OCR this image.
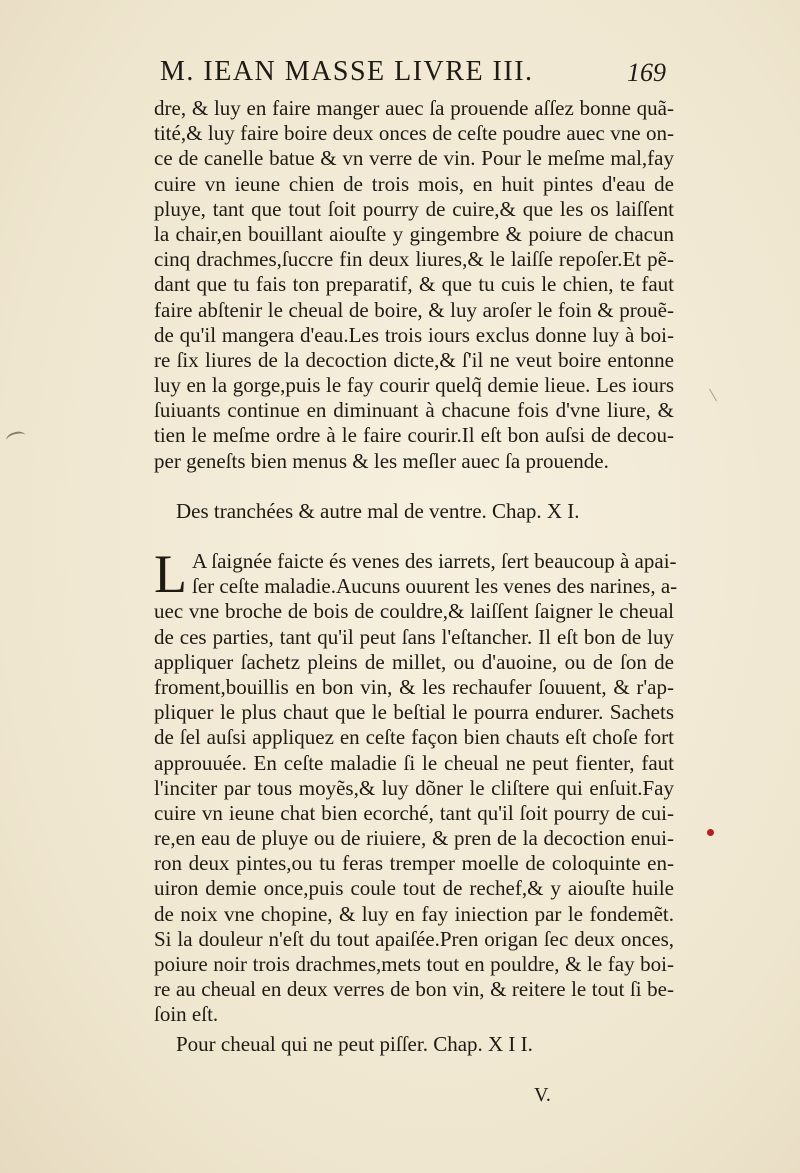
M. IEAN MASSE LIVRE III.	169
dre, & luy en faire manger auec ſa prouende aſſez bonne quã-
tité,& luy faire boire deux onces de ceſte poudre auec vne on-
ce de canelle batue & vn verre de vin. Pour le meſme mal,fay
cuire vn ieune chien de trois mois, en huit pintes d'eau de
pluye, tant que tout ſoit pourry de cuire,& que les os laiſſent
la chair,en bouillant aiouſte y gingembre & poiure de chacun
cinq drachmes,ſuccre fin deux liures,& le laiſſe repoſer.Et pẽ-
dant que tu fais ton preparatif, & que tu cuis le chien, te faut
faire abſtenir le cheual de boire, & luy aroſer le foin & prouẽ-
de qu'il mangera d'eau.Les trois iours exclus donne luy à boi-
re ſix liures de la decoction dicte,& ſ'il ne veut boire entonne
luy en la gorge,puis le fay courir quelq̃ demie lieue. Les iours
ſuiuants continue en diminuant à chacune fois d'vne liure, &
tien le meſme ordre à le faire courir.Il eſt bon auſsi de decou-
per geneſts bien menus & les meſler auec ſa prouende.
Des tranchées & autre mal de ventre. Chap. X I.
L A ſaignée faicte és venes des iarrets, ſert beaucoup à apai-
ſer ceſte maladie.Aucuns ouurent les venes des narines, a-
uec vne broche de bois de couldre,& laiſſent ſaigner le cheual
de ces parties, tant qu'il peut ſans l'eſtancher. Il eſt bon de luy
appliquer ſachetz pleins de millet, ou d'auoine, ou de ſon de
froment,bouillis en bon vin, & les rechaufer ſouuent, & r'ap-
pliquer le plus chaut que le beſtial le pourra endurer. Sachets
de ſel auſsi appliquez en ceſte façon bien chauts eſt choſe fort
approuuée. En ceſte maladie ſi le cheual ne peut fienter, faut
l'inciter par tous moyẽs,& luy dõner le cliſtere qui enſuit.Fay
cuire vn ieune chat bien ecorché, tant qu'il ſoit pourry de cui-
re,en eau de pluye ou de riuiere, & pren de la decoction enui-
ron deux pintes,ou tu feras tremper moelle de coloquinte en-
uiron demie once,puis coule tout de rechef,& y aiouſte huile
de noix vne chopine, & luy en fay iniection par le fondemẽt.
Si la douleur n'eſt du tout apaiſée.Pren origan ſec deux onces,
poiure noir trois drachmes,mets tout en pouldre, & le fay boi-
re au cheual en deux verres de bon vin, & reitere le tout ſi be-
ſoin eſt.
Pour cheual qui ne peut piſſer. Chap. X I I.
V.
